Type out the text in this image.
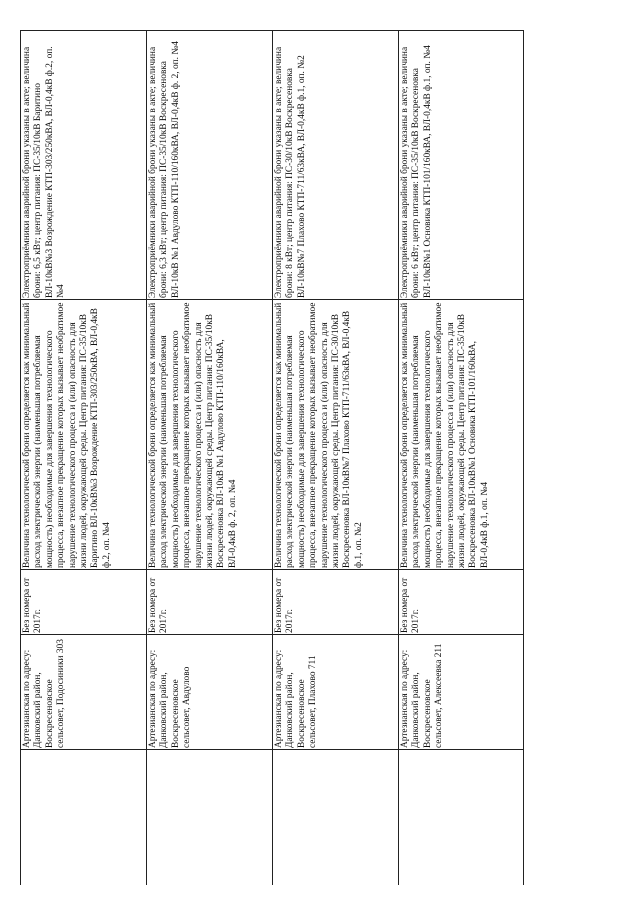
Артезианская по адресу: Данковский район, Воскресеновское сельсовет, Подосиники 303
Без номера от 2017г.
Величина технологической брони определяется как минимальный расход электрической энергии (наименьшая потребляемая мощность) необходимые для завершения технологического процесса, внезапное прекращение которых вызывает необратимое нарушение технологического процесса и (или) опасность для жизни людей, окружающей среды. Центр питания: ПС-35/10кВ Баритино ВЛ-10кВ№3 Возрождение КТП-303/250кВА, ВЛ-0,4кВ ф.2, оп. №4
Электроприёмники аварийной брони указаны в акте; величина брони: 6,5 кВт; центр питания: ПС-35/10кВ Баритино ВЛ-10кВ№3 Возрождение КТП-303/250кВА, ВЛ-0,4кВ ф.2, оп. №4
Артезианская по адресу: Данковский район, Воскресеновское сельсовет, Авдулово
Без номера от 2017г.
Величина технологической брони определяется как минимальный расход электрической энергии (наименьшая потребляемая мощность) необходимые для завершения технологического процесса, внезапное прекращение которых вызывает необратимое нарушение технологического процесса и (или) опасность для жизни людей, окружающей среды. Центр питания: ПС-35/10кВ Воскресеновка ВЛ-10кВ №1 Авдулово КТП-110/160кВА, ВЛ-0,4кВ ф. 2, оп. №4
Электроприёмники аварийной брони указаны в акте; величина брони: 6,3 кВт; центр питания: ПС-35/10кВ Воскресеновка ВЛ-10кВ №1 Авдулово КТП-110/160кВА, ВЛ-0,4кВ ф. 2, оп. №4
Артезианская по адресу: Данковский район, Воскресеновское сельсовет, Плахово 711
Без номера от 2017г.
Величина технологической брони определяется как минимальный расход электрической энергии (наименьшая потребляемая мощность) необходимые для завершения технологического процесса, внезапное прекращение которых вызывает необратимое нарушение технологического процесса и (или) опасность для жизни людей, окружающей среды. Центр питания: ПС-30/10кВ Воскресеновка ВЛ-10кВ№7 Плахово КТП-711/63кВА, ВЛ-0,4кВ ф.1, оп. №2
Электроприёмники аварийной брони указаны в акте; величина брони: 8 кВт; центр питания: ПС-30/10кВ Воскресеновка ВЛ-10кВ№7 Плахово КТП-711/63кВА, ВЛ-0,4кВ ф.1, оп. №2
Артезианская по адресу: Данковский район, Воскресеновское сельсовет, Алексеевка 211
Без номера от 2017г.
Величина технологической брони определяется как минимальный расход электрической энергии (наименьшая потребляемая мощность) необходимые для завершения технологического процесса, внезапное прекращение которых вызывает необратимое нарушение технологического процесса и (или) опасность для жизни людей, окружающей среды. Центр питания: ПС-35/10кВ Воскресеновка ВЛ-10кВ№1 Основика КТП-101/160кВА, ВЛ-0,4кВ ф.1, оп. №4
Электроприёмники аварийной брони указаны в акте; величина брони: 6 кВт; центр питания: ПС-35/10кВ Воскресеновка ВЛ-10кВ№1 Основика КТП-101/160кВА, ВЛ-0,4кВ ф.1, оп. №4
